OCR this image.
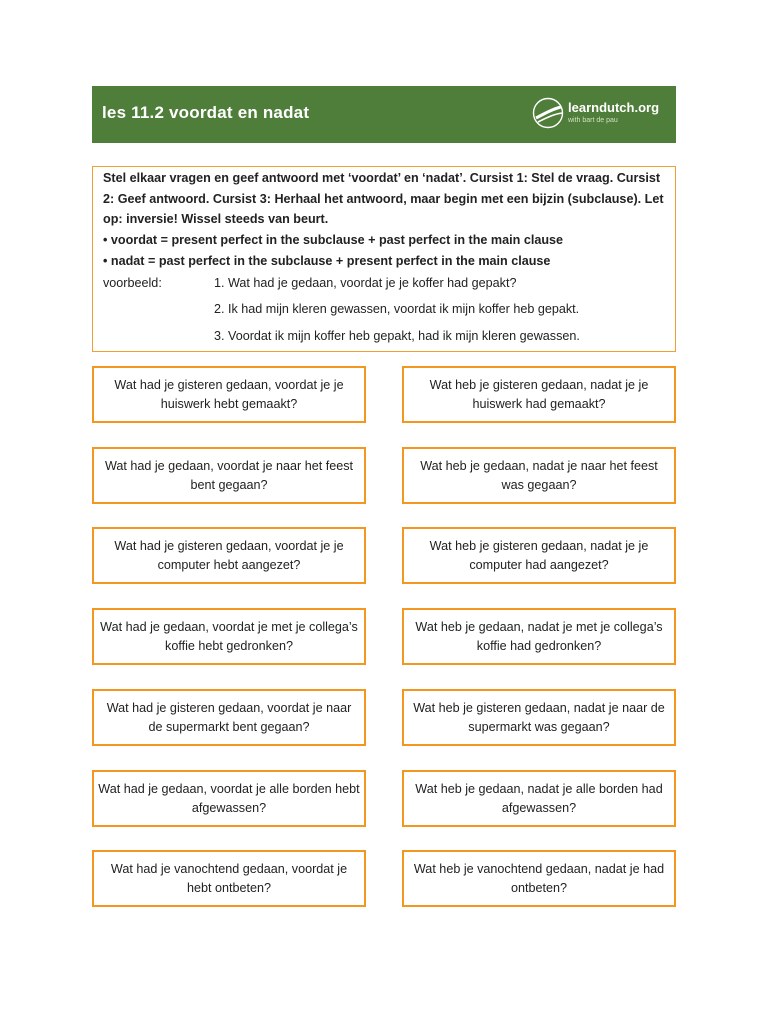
les 11.2 voordat en nadat	learndutch.org
with bart de pau
Stel elkaar vragen en geef antwoord met ‘voordat’ en ‘nadat’. Cursist 1: Stel de vraag. Cursist 2: Geef antwoord. Cursist 3: Herhaal het antwoord, maar begin met een bijzin (subclause). Let op: inversie! Wissel steeds van beurt.
• voordat = present perfect in the subclause + past perfect in the main clause
• nadat = past perfect in the subclause + present perfect in the main clause
voorbeeld:	1. Wat had je gedaan, voordat je je koffer had gepakt?
2. Ik had mijn kleren gewassen, voordat ik mijn koffer heb gepakt.
3. Voordat ik mijn koffer heb gepakt, had ik mijn kleren gewassen.
Wat had je gisteren gedaan, voordat je je huiswerk hebt gemaakt?
Wat heb je gisteren gedaan, nadat je je huiswerk had gemaakt?
Wat had je gedaan, voordat je naar het feest bent gegaan?
Wat heb je gedaan, nadat je naar het feest was gegaan?
Wat had je gisteren gedaan, voordat je je computer hebt aangezet?
Wat heb je gisteren gedaan, nadat je je computer had aangezet?
Wat had je gedaan, voordat je met je collega’s koffie hebt gedronken?
Wat heb je gedaan, nadat je met je collega’s koffie had gedronken?
Wat had je gisteren gedaan, voordat je naar de supermarkt bent gegaan?
Wat heb je gisteren gedaan, nadat je naar de supermarkt was gegaan?
Wat had je gedaan, voordat je alle borden hebt afgewassen?
Wat heb je gedaan, nadat je alle borden had afgewassen?
Wat had je vanochtend gedaan, voordat je hebt ontbeten?
Wat heb je vanochtend gedaan, nadat je had ontbeten?
